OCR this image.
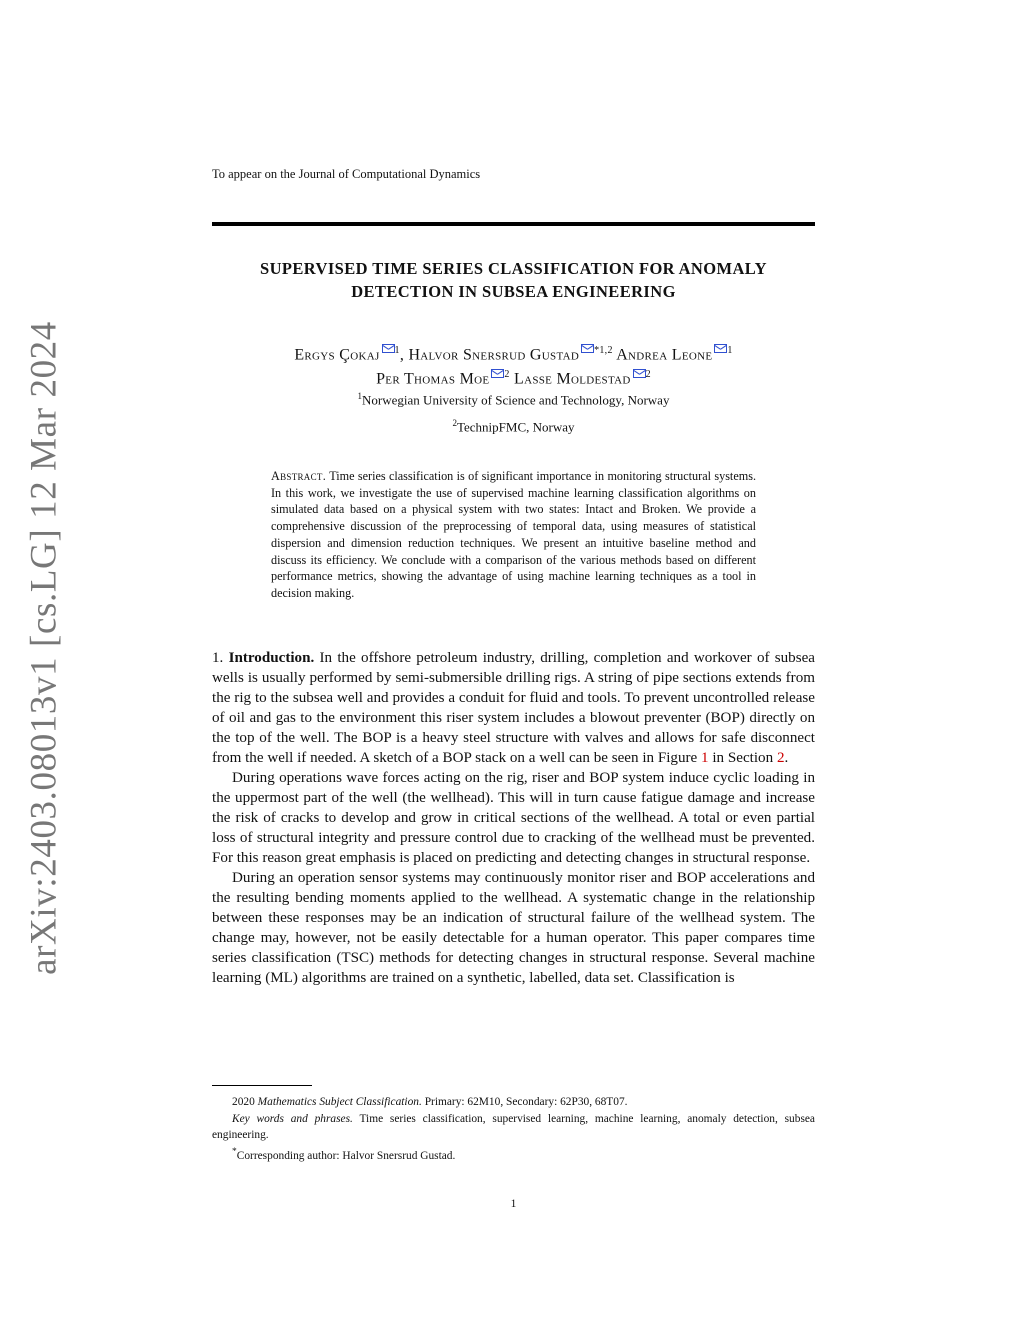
To appear on the Journal of Computational Dynamics
SUPERVISED TIME SERIES CLASSIFICATION FOR ANOMALY
DETECTION IN SUBSEA ENGINEERING
Ergys Çokaj $^1$, Halvor Snersrud Gustad $^{*1,2}$ Andrea Leone $^1$
Per Thomas Moe $^2$ Lasse Moldestad $^2$
$^1$Norwegian University of Science and Technology, Norway
$^2$TechnipFMC, Norway
Abstract. Time series classification is of significant importance in monitoring structural systems. In this work, we investigate the use of supervised machine learning classification algorithms on simulated data based on a physical system with two states: Intact and Broken. We provide a comprehensive discussion of the preprocessing of temporal data, using measures of statistical dispersion and dimension reduction techniques. We present an intuitive baseline method and discuss its efficiency. We conclude with a comparison of the various methods based on different performance metrics, showing the advantage of using machine learning techniques as a tool in decision making.

1. Introduction. In the offshore petroleum industry, drilling, completion and workover of subsea wells is usually performed by semi-submersible drilling rigs. A string of pipe sections extends from the rig to the subsea well and provides a conduit for fluid and tools. To prevent uncontrolled release of oil and gas to the environment this riser system includes a blowout preventer (BOP) directly on the top of the well. The BOP is a heavy steel structure with valves and allows for safe disconnect from the well if needed. A sketch of a BOP stack on a well can be seen in Figure 1 in Section 2.

During operations wave forces acting on the rig, riser and BOP system induce cyclic loading in the uppermost part of the well (the wellhead). This will in turn cause fatigue damage and increase the risk of cracks to develop and grow in critical sections of the wellhead. A total or even partial loss of structural integrity and pressure control due to cracking of the wellhead must be prevented. For this reason great emphasis is placed on predicting and detecting changes in structural response.

During an operation sensor systems may continuously monitor riser and BOP accelerations and the resulting bending moments applied to the wellhead. A systematic change in the relationship between these responses may be an indication of structural failure of the wellhead system. The change may, however, not be easily detectable for a human operator. This paper compares time series classification (TSC) methods for detecting changes in structural response. Several machine learning (ML) algorithms are trained on a synthetic, labelled, data set. Classification is

2020 Mathematics Subject Classification. Primary: 62M10, Secondary: 62P30, 68T07.

Key words and phrases. Time series classification, supervised learning, machine learning, anomaly detection, subsea engineering.

*Corresponding author: Halvor Snersrud Gustad.

1
arXiv:2403.08013v1 [cs.LG] 12 Mar 2024
